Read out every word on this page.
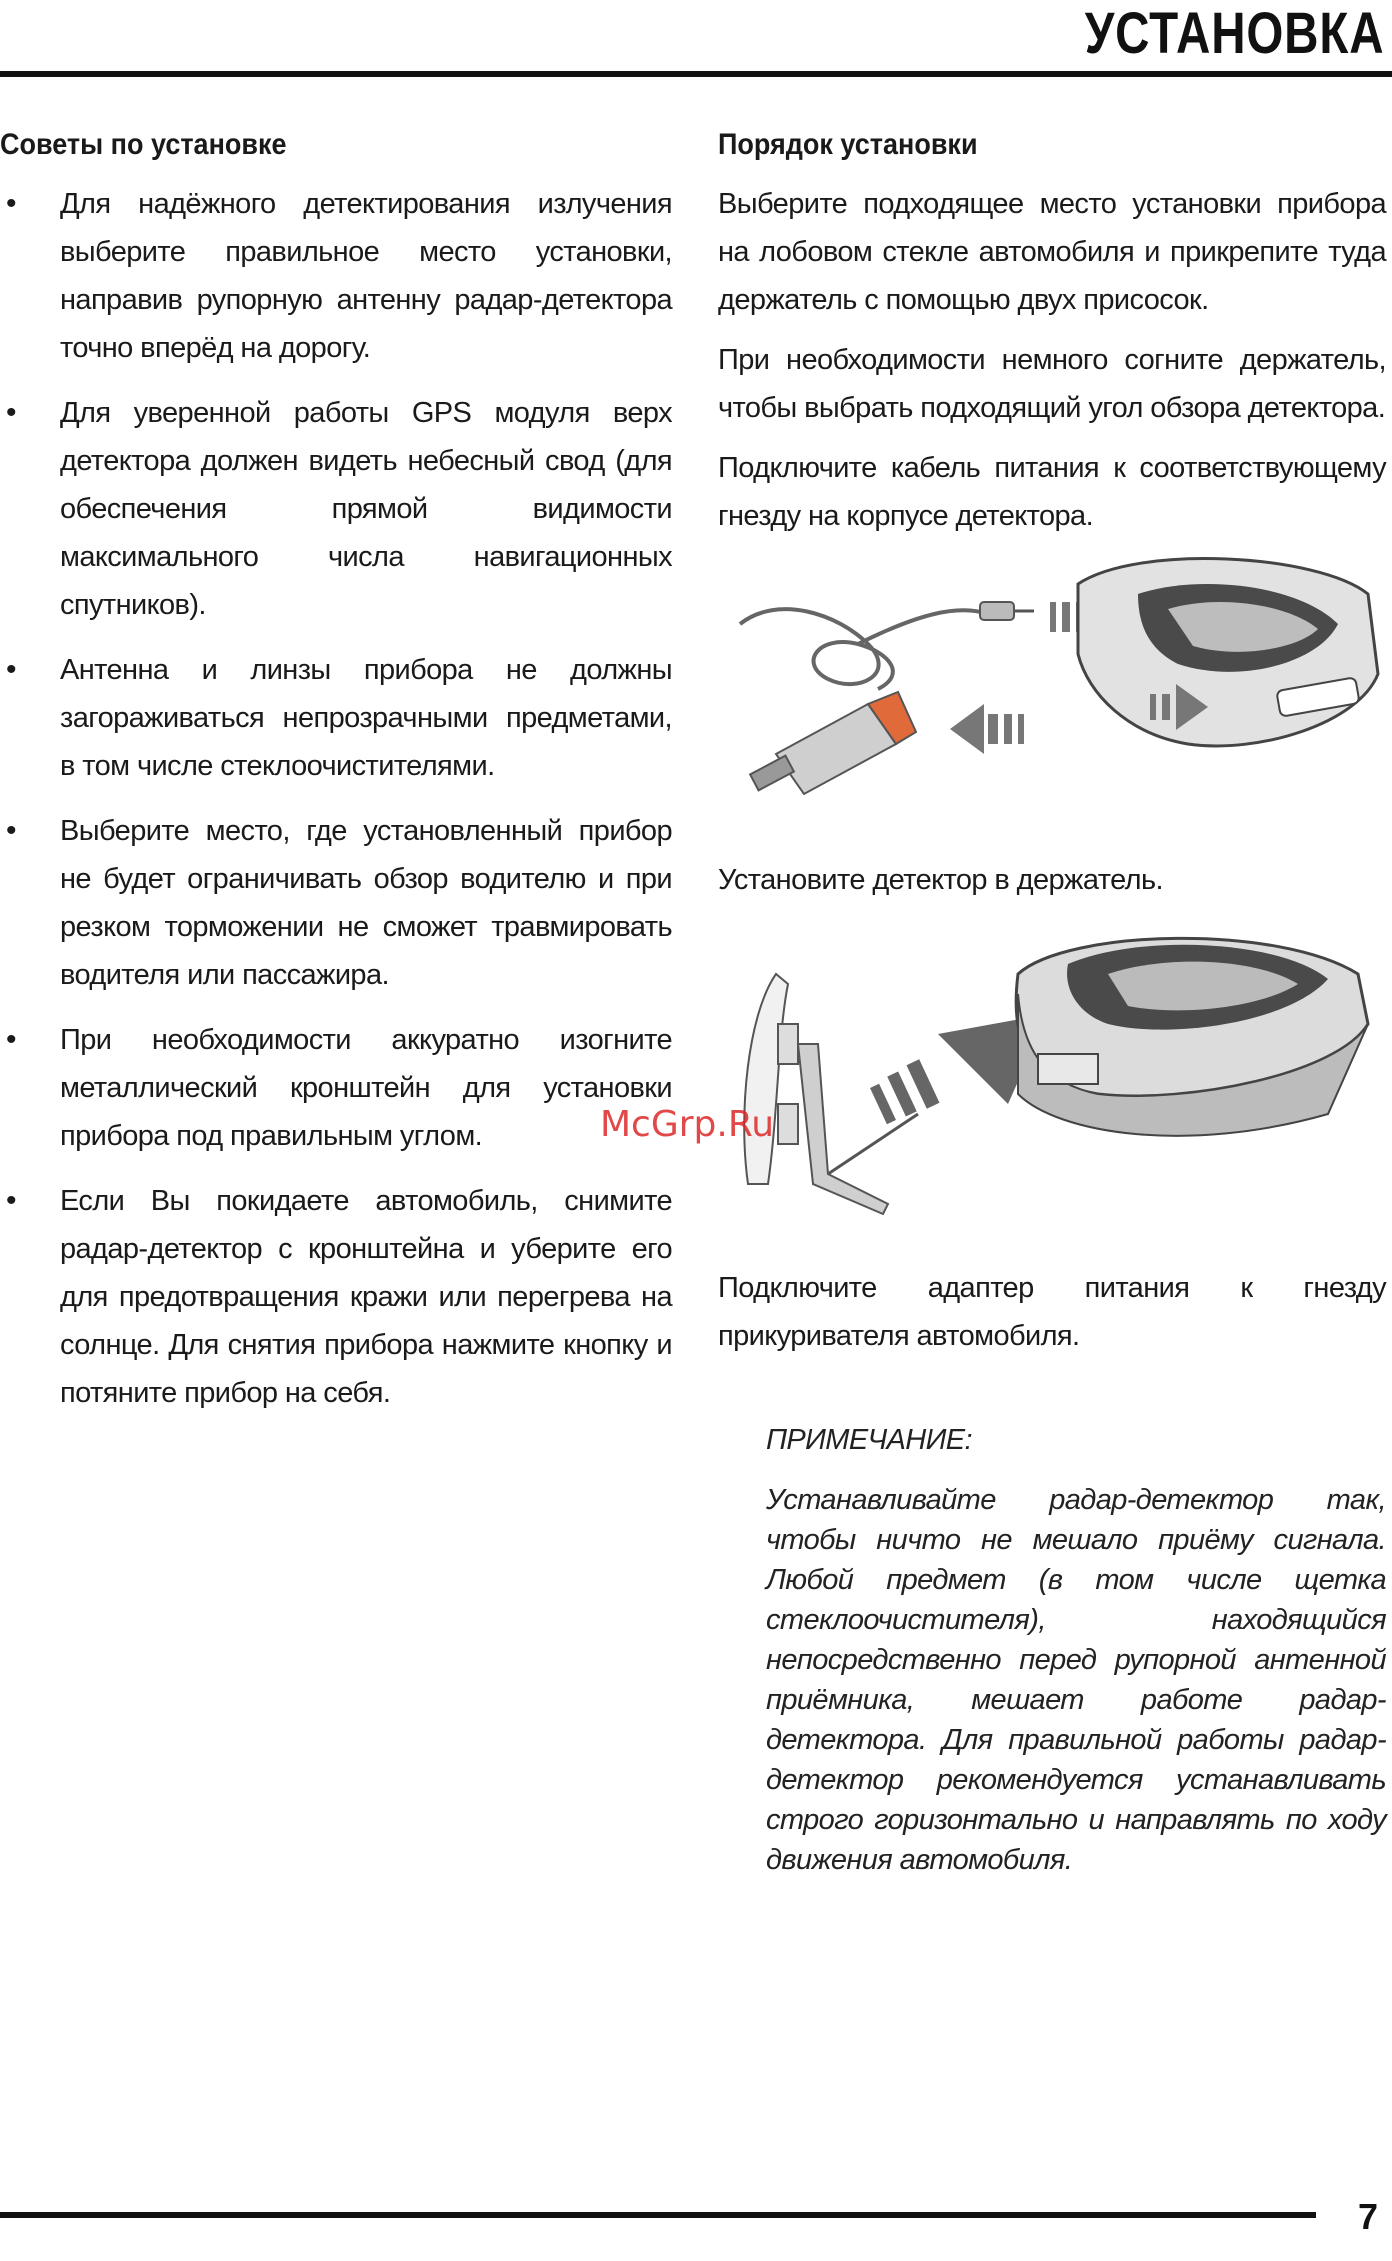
УСТАНОВКА
Советы по установке
• Для надёжного детектирования излучения выберите правильное место установки, направив рупорную антенну радар-детектора точно вперёд на дорогу.
• Для уверенной работы GPS модуля верх детектора должен видеть небесный свод (для обеспечения прямой видимости максимального числа навигационных спутников).
• Антенна и линзы прибора не должны загораживаться непрозрачными предметами, в том числе стеклоочистителями.
• Выберите место, где установленный прибор не будет ограничивать обзор водителю и при резком торможении не сможет травмировать водителя или пассажира.
• При необходимости аккуратно изогните металлический кронштейн для установки прибора под правильным углом.
• Если Вы покидаете автомобиль, снимите радар-детектор с кронштейна и уберите его для предотвращения кражи или перегрева на солнце. Для снятия прибора нажмите кнопку и потяните прибор на себя.
Порядок установки

Выберите подходящее место установки прибора на лобовом стекле автомобиля и прикрепите туда держатель с помощью двух присосок.

При необходимости немного согните держатель, чтобы выбрать подходящий угол обзора детектора.

Подключите кабель питания к соответствующему гнезду на корпусе детектора.

Установите детектор в держатель.

Подключите адаптер питания к гнезду прикуривателя автомобиля.

ПРИМЕЧАНИЕ:
Устанавливайте радар-детектор так, чтобы ничто не мешало приёму сигнала. Любой предмет (в том числе щетка стеклоочистителя), находящийся непосредственно перед рупорной антенной приёмника, мешает работе радар-детектора. Для правильной работы радар-детектор рекомендуется устанавливать строго горизонтально и направлять по ходу движения автомобиля.
McGrp.Ru
7
